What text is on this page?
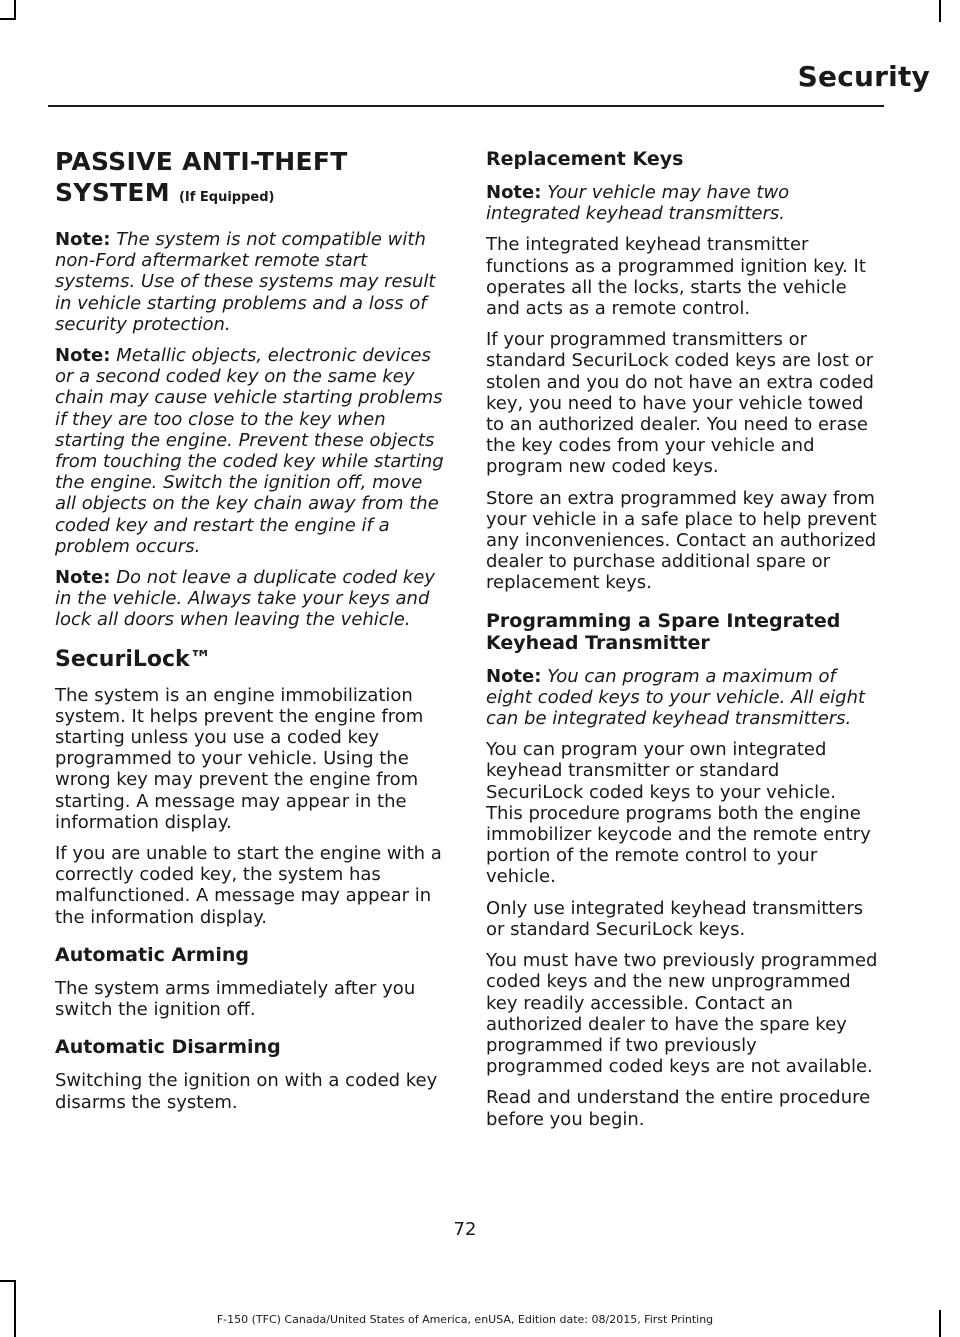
Security
PASSIVE ANTI-THEFT
SYSTEM (If Equipped)

Note: The system is not compatible with non-Ford aftermarket remote start systems. Use of these systems may result in vehicle starting problems and a loss of security protection.

Note: Metallic objects, electronic devices or a second coded key on the same key chain may cause vehicle starting problems if they are too close to the key when starting the engine. Prevent these objects from touching the coded key while starting the engine. Switch the ignition off, move all objects on the key chain away from the coded key and restart the engine if a problem occurs.

Note: Do not leave a duplicate coded key in the vehicle. Always take your keys and lock all doors when leaving the vehicle.

SecuriLock™

The system is an engine immobilization system. It helps prevent the engine from starting unless you use a coded key programmed to your vehicle. Using the wrong key may prevent the engine from starting. A message may appear in the information display.

If you are unable to start the engine with a correctly coded key, the system has malfunctioned. A message may appear in the information display.

Automatic Arming

The system arms immediately after you switch the ignition off.

Automatic Disarming

Switching the ignition on with a coded key disarms the system.

Replacement Keys

Note: Your vehicle may have two integrated keyhead transmitters.

The integrated keyhead transmitter functions as a programmed ignition key. It operates all the locks, starts the vehicle and acts as a remote control.

If your programmed transmitters or standard SecuriLock coded keys are lost or stolen and you do not have an extra coded key, you need to have your vehicle towed to an authorized dealer. You need to erase the key codes from your vehicle and program new coded keys.

Store an extra programmed key away from your vehicle in a safe place to help prevent any inconveniences. Contact an authorized dealer to purchase additional spare or replacement keys.

Programming a Spare Integrated Keyhead Transmitter

Note: You can program a maximum of eight coded keys to your vehicle. All eight can be integrated keyhead transmitters.

You can program your own integrated keyhead transmitter or standard SecuriLock coded keys to your vehicle. This procedure programs both the engine immobilizer keycode and the remote entry portion of the remote control to your vehicle.

Only use integrated keyhead transmitters or standard SecuriLock keys.

You must have two previously programmed coded keys and the new unprogrammed key readily accessible. Contact an authorized dealer to have the spare key programmed if two previously programmed coded keys are not available.

Read and understand the entire procedure before you begin.

72
F-150 (TFC) Canada/United States of America, enUSA, Edition date: 08/2015, First Printing
